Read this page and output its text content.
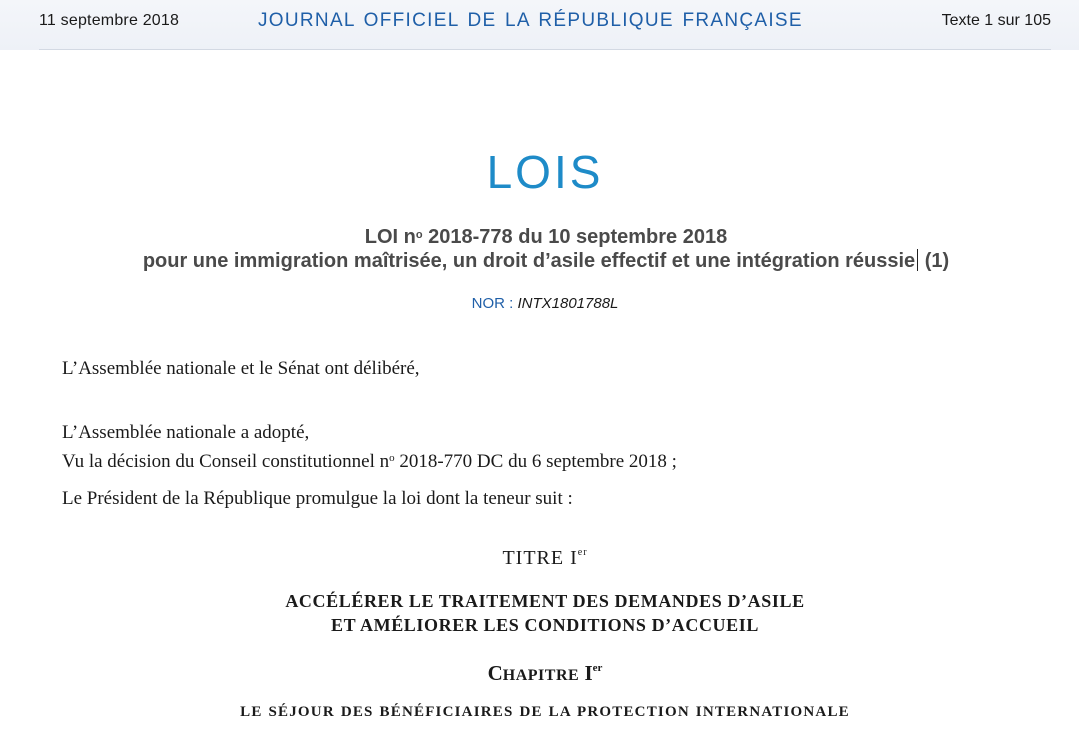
11 septembre 2018	JOURNAL OFFICIEL DE LA RÉPUBLIQUE FRANÇAISE	Texte 1 sur 105
LOIS
LOI $n^o$ 2018-778 du 10 septembre 2018
pour une immigration maîtrisée, un droit d’asile effectif et une intégration réussie (1)
NOR : INTX1801788L
L’Assemblée nationale et le Sénat ont délibéré,
L’Assemblée nationale a adopté,
Vu la décision du Conseil constitutionnel $n^o$ 2018-770 DC du 6 septembre 2018 ;
Le Président de la République promulgue la loi dont la teneur suit :
TITRE Ier
ACCÉLÉRER LE TRAITEMENT DES DEMANDES D’ASILE
ET AMÉLIORER LES CONDITIONS D’ACCUEIL
CHAPITRE Ier
LE SÉJOUR DES BÉNÉFICIAIRES DE LA PROTECTION INTERNATIONALE
